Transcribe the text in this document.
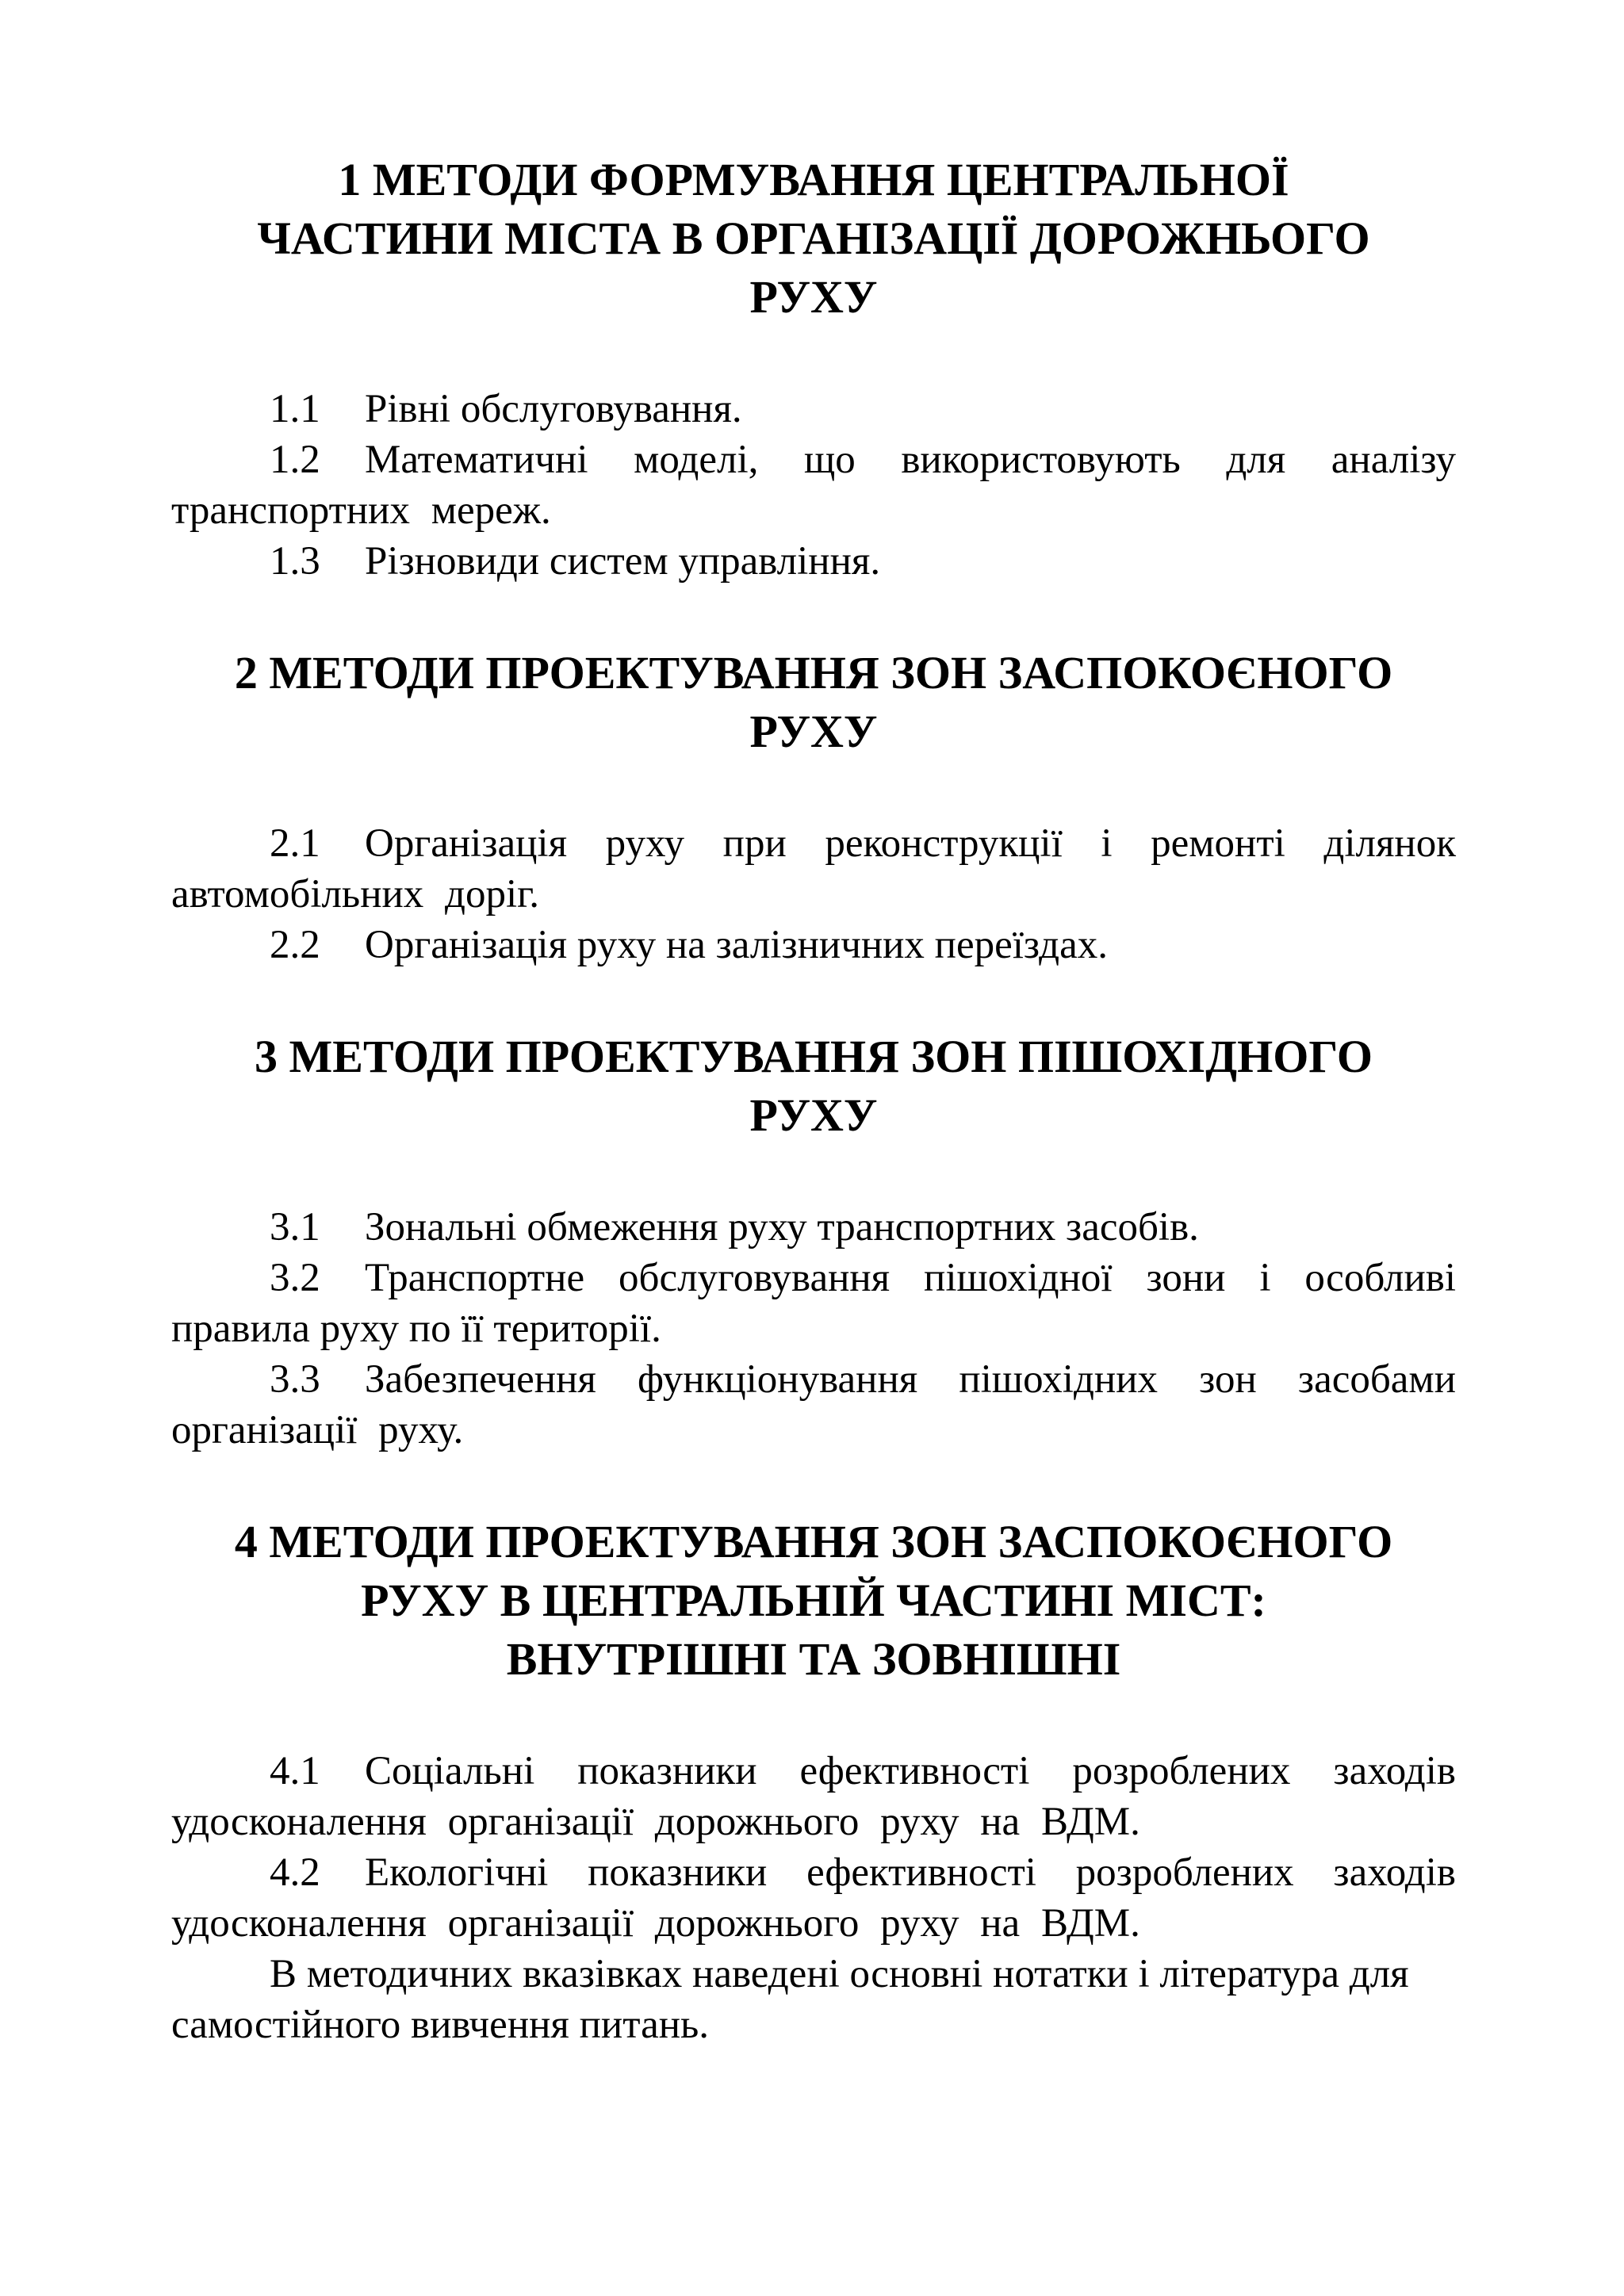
1 МЕТОДИ ФОРМУВАННЯ ЦЕНТРАЛЬНОЇ
ЧАСТИНИ МІСТА В ОРГАНІЗАЦІЇ ДОРОЖНЬОГО
РУХУ

1.1 Рівні обслуговування.

1.2 Математичні моделі, що використовують для аналізу транспортних мереж.

1.3 Різновиди систем управління.

2 МЕТОДИ ПРОЕКТУВАННЯ ЗОН ЗАСПОКОЄНОГО
РУХУ

2.1 Організація руху при реконструкції і ремонті ділянок автомобільних доріг.

2.2 Організація руху на залізничних переїздах.

3 МЕТОДИ ПРОЕКТУВАННЯ ЗОН ПІШОХІДНОГО
РУХУ

3.1 Зональні обмеження руху транспортних засобів.

3.2 Транспортне обслуговування пішохідної зони і особливі правила руху по її території.

3.3 Забезпечення функціонування пішохідних зон засобами організації руху.

4 МЕТОДИ ПРОЕКТУВАННЯ ЗОН ЗАСПОКОЄНОГО
РУХУ В ЦЕНТРАЛЬНІЙ ЧАСТИНІ МІСТ:
ВНУТРІШНІ ТА ЗОВНІШНІ

4.1 Соціальні показники ефективності розроблених заходів удосконалення організації дорожнього руху на ВДМ.

4.2 Екологічні показники ефективності розроблених заходів удосконалення організації дорожнього руху на ВДМ.

В методичних вказівках наведені основні нотатки і література для самостійного вивчення питань.
